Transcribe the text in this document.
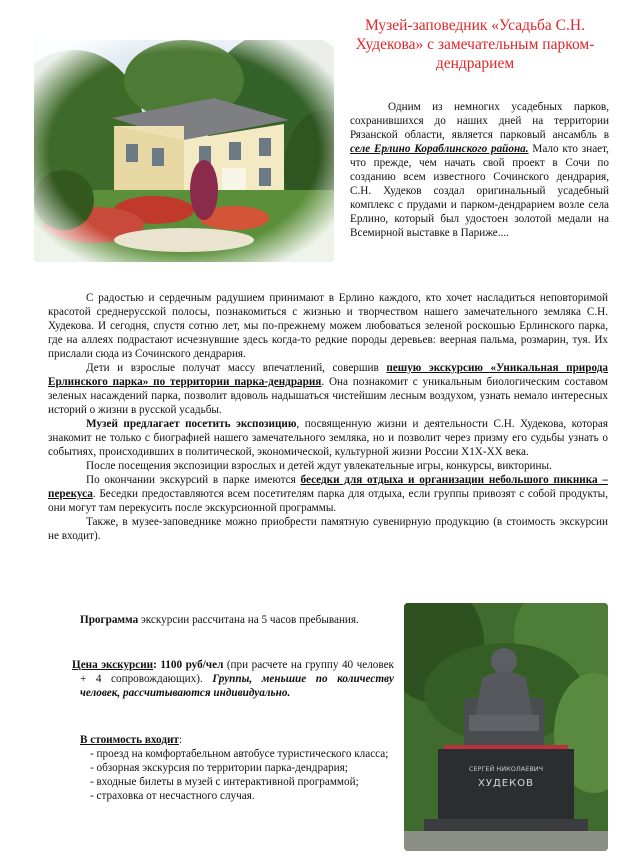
Музей-заповедник «Усадьба С.Н. Худекова» с замечательным парком-дендрарием

Одним из немногих усадебных парков, сохранившихся до наших дней на территории Рязанской области, является парковый ансамбль в селе Ерлино Кораблинского района. Мало кто знает, что прежде, чем начать свой проект в Сочи по созданию всем известного Сочинского дендрария, С.Н. Худеков создал оригинальный усадебный комплекс с прудами и парком-дендрарием возле села Ерлино, который был удостоен золотой медали на Всемирной выставке в Париже....

С радостью и сердечным радушием принимают в Ерлино каждого, кто хочет насладиться неповторимой красотой среднерусской полосы, познакомиться с жизнью и творчеством нашего замечательного земляка С.Н. Худекова. И сегодня, спустя сотню лет, мы по-прежнему можем любоваться зеленой роскошью Ерлинского парка, где на аллеях подрастают исчезнувшие здесь когда-то редкие породы деревьев: веерная пальма, розмарин, туя. Их прислали сюда из Сочинского дендрария.

Дети и взрослые получат массу впечатлений, совершив пешую экскурсию «Уникальная природа Ерлинского парка» по территории парка-дендрария. Она познакомит с уникальным биологическим составом зеленых насаждений парка, позволит вдоволь надышаться чистейшим лесным воздухом, узнать немало интересных историй о жизни в русской усадьбы.

Музей предлагает посетить экспозицию, посвященную жизни и деятельности С.Н. Худекова, которая знакомит не только с биографией нашего замечательного земляка, но и позволит через призму его судьбы узнать о событиях, происходивших в политической, экономической, культурной жизни России Х1Х-ХХ века.

После посещения экспозиции взрослых и детей ждут увлекательные игры, конкурсы, викторины.

По окончании экскурсий в парке имеются беседки для отдыха и организации небольшого пикника – перекуса. Беседки предоставляются всем посетителям парка для отдыха, если группы привозят с собой продукты, они могут там перекусить после экскурсионной программы.

Также, в музее-заповеднике можно приобрести памятную сувенирную продукцию (в стоимость экскурсии не входит).

Программа экскурсии рассчитана на 5 часов пребывания.

Цена экскурсии: 1100 руб/чел (при расчете на группу 40 человек + 4 сопровождающих). Группы, меньшие по количеству человек, рассчитываются индивидуально.

В стоимость входит:

- проезд на комфортабельном автобусе туристического класса;
- обзорная экскурсия по территории парка-дендрария;
- входные билеты в музей с интерактивной программой;
- страховка от несчастного случая.
СЕРГЕЙ НИКОЛАЕВИЧ
ХУДЕКОВ
